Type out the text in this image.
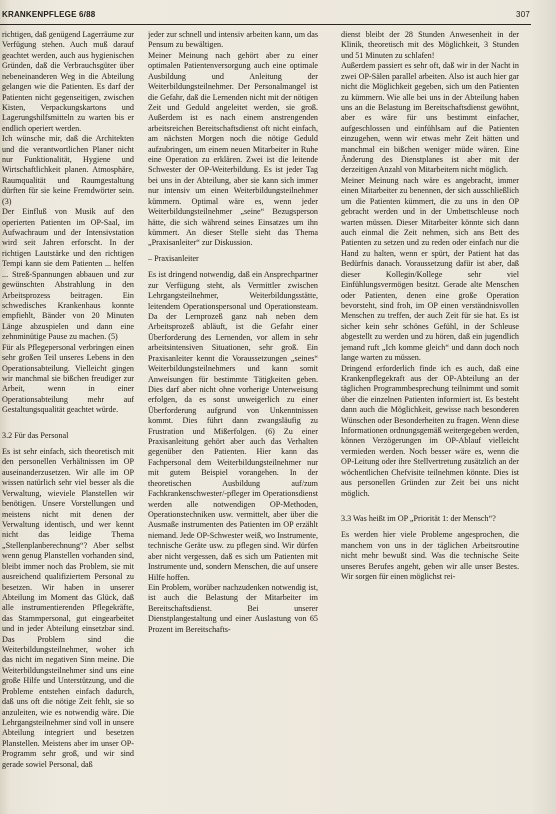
KRANKENPFLEGE 6/88	307

richtigen, daß genügend Lagerräume zur Verfügung stehen. Auch muß darauf geachtet werden, auch aus hygienischen Gründen, daß die Verbrauchsgüter über nebeneinanderen Weg in die Abteilung gelangen wie die Patienten. Es darf der Patienten nicht gegenseitigen, zwischen Kisten, Verpackungskartons und Lagerungshilfsmitteln zu warten bis er endlich operiert werden.

Ich wünsche mir, daß die Architekten und die verantwortlichen Planer nicht nur Funktionalität, Hygiene und Wirtschaftlichkeit planen. Atmosphäre, Raumqualität und Raumgestaltung dürften für sie keine Fremdwörter sein. (3)

Der Einfluß von Musik auf den operierten Patienten im OP-Saal, im Aufwachraum und der Intensivstation wird seit Jahren erforscht. In der richtigen Lautstärke und den richtigen Tempi kann sie dem Patienten ... helfen ... Streß-Spannungen abbauen und zur gewünschten Abstrahlung in den Arbeitsprozess beitragen. Ein schwedisches Krankenhaus konnte empfiehlt, Bänder von 20 Minuten Länge abzuspielen und dann eine zehnminütige Pause zu machen. (5)

Für als Pflegepersonal verbringen einen sehr großen Teil unseres Lebens in den Operationsabteilung. Vielleicht gingen wir manchmal sie bißchen freudiger zur Arbeit, wenn in einer Operationsabteilung mehr auf Gestaltungsqualität geachtet würde.

3.2 Für das Personal

Es ist sehr einfach, sich theoretisch mit den personellen Verhältnissen im OP auseinanderzusetzen. Wir alle im OP wissen natürlich sehr viel besser als die Verwaltung, wieviele Planstellen wir benötigen. Unsere Vorstellungen und meistens nicht mit denen der Verwaltung identisch, und wer kennt nicht das leidige Thema „Stellenplanberechnung“? Aber selbst wenn genug Planstellen vorhanden sind, bleibt immer noch das Problem, sie mit ausreichend qualifiziertem Personal zu besetzen. Wir haben in unserer Abteilung im Moment das Glück, daß alle instrumentierenden Pflegekräfte, das Stammpersonal, gut eingearbeitet und in jeder Abteilung einsetzbar sind. Das Problem sind die Weiterbildungsteilnehmer, woher ich das nicht im negativen Sinn meine. Die Weiterbildungsteilnehmer sind uns eine große Hilfe und Unterstützung, und die Probleme entstehen einfach dadurch, daß uns oft die nötige Zeit fehlt, sie so anzuleiten, wie es notwendig wäre. Die Lehrgangsteilnehmer sind voll in unsere Abteilung integriert und besetzen Planstellen. Meistens aber im unser OP-Programm sehr groß, und wir sind gerade sowiel Personal, daß

jeder zur schnell und intensiv arbeiten kann, um das Pensum zu bewältigen.

Meiner Meinung nach gehört aber zu einer optimalen Patientenversorgung auch eine optimale Ausbildung und Anleitung der Weiterbildungsteilnehmer. Der Personalmangel ist die Gefahr, daß die Lernenden nicht mit der nötigen Zeit und Geduld angeleitet werden, sie groß. Außerdem ist es nach einem anstrengenden arbeitsreichen Bereitschaftsdienst oft nicht einfach, am nächsten Morgen noch die nötige Geduld aufzubringen, um einem neuen Mitarbeiter in Ruhe eine Operation zu erklären. Zwei ist die leitende Schwester der OP-Weiterbildung. Es ist jeder Tag bei uns in der Abteilung, aber sie kann sich immer nur intensiv um einen Weiterbildungsteilnehmer kümmern. Optimal wäre es, wenn jeder Weiterbildungsteilnehmer „seine“ Bezugsperson hätte, die sich während seines Einsatzes um ihn kümmert. An dieser Stelle sieht das Thema „Praxisanleiter“ zur Diskussion.

– Praxisanleiter

Es ist dringend notwendig, daß ein Ansprechpartner zur Verfügung steht, als Vermittler zwischen Lehrgangsteilnehmer, Weiterbildungsstätte, leitendem Operationspersonal und Operationsteam. Da der Lernprozeß ganz nah neben dem Arbeitsprozeß abläuft, ist die Gefahr einer Überforderung des Lernenden, vor allem in sehr arbeitsintensiven Situationen, sehr groß. Ein Praxisanleiter kennt die Voraussetzungen „seines“ Weiterbildungsteilnehmers und kann somit Anweisungen für bestimmte Tätigkeiten geben. Dies darf aber nicht ohne vorherige Unterweisung erfolgen, da es sonst unweigerlich zu einer Überforderung aufgrund von Unkenntnissen kommt. Dies führt dann zwangsläufig zu Frustration und Mißerfolgen. (6) Zu einer Praxisanleitung gehört aber auch das Verhalten gegenüber den Patienten. Hier kann das Fachpersonal dem Weiterbildungsteilnehmer nur mit gutem Beispiel vorangehen. In der theoretischen Ausbildung auf/zum Fachkrankenschwester/-pfleger im Operationsdienst werden alle notwendigen OP-Methoden, Operationstechniken usw. vermittelt, aber über die Ausmaße instrumenten des Patienten im OP erzählt niemand. Jede OP-Schwester weiß, wo Instrumente, technische Geräte usw. zu pflegen sind. Wir dürfen aber nicht vergessen, daß es sich um Patienten mit Instrumente und, sondern Menschen, die auf unsere Hilfe hoffen.

Ein Problem, worüber nachzudenken notwendig ist, ist auch die Belastung der Mitarbeiter im Bereitschaftsdienst. Bei unserer Dienstplangestaltung und einer Auslastung von 65 Prozent im Bereitschafts-

dienst bleibt der 28 Stunden Anwesenheit in der Klinik, theoretisch mit des Möglichkeit, 3 Stunden und 51 Minuten zu schlafen!

Außerdem passiert es sehr oft, daß wir in der Nacht in zwei OP-Sälen parallel arbeiten. Also ist auch hier gar nicht die Möglichkeit gegeben, sich um den Patienten zu kümmern. Wie alle bei uns in der Abteilung haben uns an die Belastung im Bereitschaftsdienst gewöhnt, aber es wäre für uns bestimmt einfacher, aufgeschlossen und einfühlsam auf die Patienten einzugehen, wenn wir etwas mehr Zeit hätten und manchmal ein bißchen weniger müde wären. Eine Änderung des Dienstplanes ist aber mit der derzeitigen Anzahl von Mitarbeitern nicht möglich.

Meiner Meinung nach wäre es angebracht, immer einen Mitarbeiter zu benennen, der sich ausschließlich um die Patienten kümmert, die zu uns in den OP gebracht werden und in der Umbettschleuse noch warten müssen. Dieser Mitarbeiter könnte sich dann auch einmal die Zeit nehmen, sich ans Bett des Patienten zu setzen und zu reden oder einfach nur die Hand zu halten, wenn er spürt, der Patient hat das Bedürfnis danach. Voraussetzung dafür ist aber, daß dieser Kollegin/Kollege sehr viel Einfühlungsvermögen besitzt. Gerade alte Menschen oder Patienten, denen eine große Operation bevorsteht, sind froh, im OP einen verständnisvollen Menschen zu treffen, der auch Zeit für sie hat. Es ist sicher kein sehr schönes Gefühl, in der Schleuse abgestellt zu werden und zu hören, daß ein jugendlich jemand ruft „Ich komme gleich“ und dann doch noch lange warten zu müssen.

Dringend erforderlich finde ich es auch, daß eine Krankenpflegekraft aus der OP-Abteilung an der täglichen Programmbesprechung teilnimmt und somit über die einzelnen Patienten informiert ist. Es besteht dann auch die Möglichkeit, gewisse nach besonderen Wünschen oder Besonderheiten zu fragen. Wenn diese Informationen ordnungsgemäß weitergegeben werden, können Verzögerungen im OP-Ablauf vielleicht vermieden werden. Noch besser wäre es, wenn die OP-Leitung oder ihre Stellvertretung zusätzlich an der wöchentlichen Chefvisite teilnehmen könnte. Dies ist aus personellen Gründen zur Zeit bei uns nicht möglich.

3.3 Was heißt im OP „Priorität 1: der Mensch“?

Es werden hier viele Probleme angesprochen, die manchem von uns in der täglichen Arbeitsroutine nicht mehr bewußt sind. Was die technische Seite unseres Berufes angeht, geben wir alle unser Bestes. Wir sorgen für einen möglichst rei-
